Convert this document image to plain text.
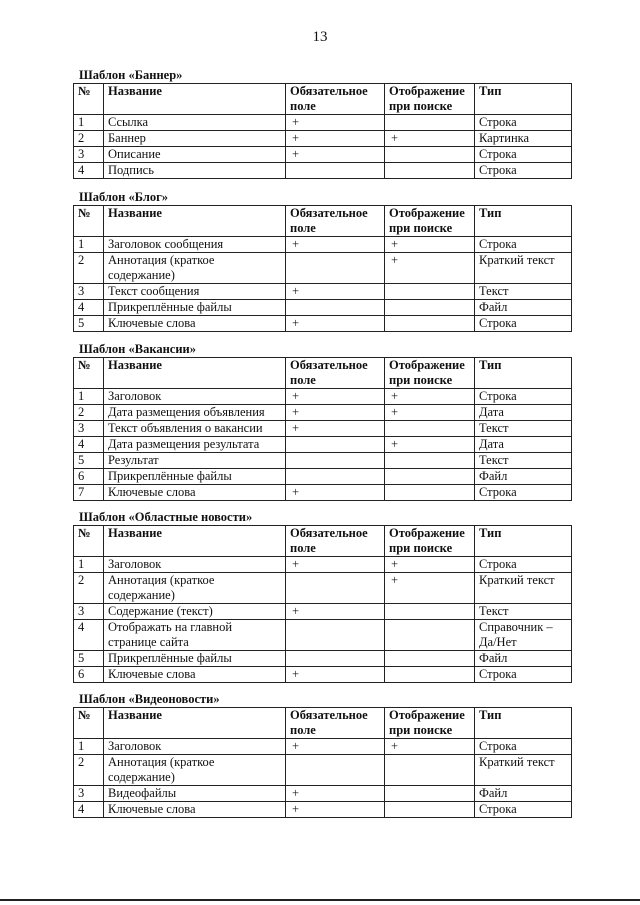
13
Шаблон «Баннер»
№	Название	Обязательное поле	Отображение при поиске	Тип
1	Ссылка	+		Строка
2	Баннер	+	+	Картинка
3	Описание	+		Строка
4	Подпись			Строка
Шаблон «Блог»
№	Название	Обязательное поле	Отображение при поиске	Тип
1	Заголовок сообщения	+	+	Строка
2	Аннотация (краткое содержание)		+	Краткий текст
3	Текст сообщения	+		Текст
4	Прикреплённые файлы			Файл
5	Ключевые слова	+		Строка
Шаблон «Вакансии»
№	Название	Обязательное поле	Отображение при поиске	Тип
1	Заголовок	+	+	Строка
2	Дата размещения объявления	+	+	Дата
3	Текст объявления о вакансии	+		Текст
4	Дата размещения результата		+	Дата
5	Результат			Текст
6	Прикреплённые файлы			Файл
7	Ключевые слова	+		Строка
Шаблон «Областные новости»
№	Название	Обязательное поле	Отображение при поиске	Тип
1	Заголовок	+	+	Строка
2	Аннотация (краткое содержание)		+	Краткий текст
3	Содержание (текст)	+		Текст
4	Отображать на главной странице сайта			Справочник – Да/Нет
5	Прикреплённые файлы			Файл
6	Ключевые слова	+		Строка
Шаблон «Видеоновости»
№	Название	Обязательное поле	Отображение при поиске	Тип
1	Заголовок	+	+	Строка
2	Аннотация (краткое содержание)			Краткий текст
3	Видеофайлы	+		Файл
4	Ключевые слова	+		Строка
